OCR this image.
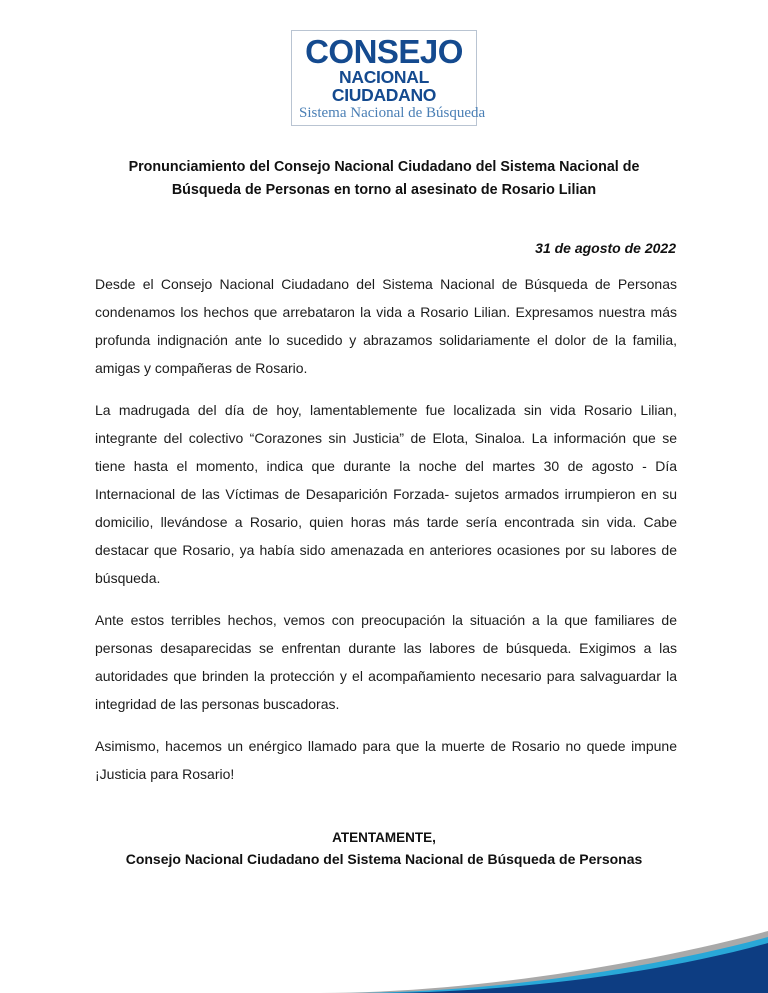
CONSEJO
NACIONAL CIUDADANO
Sistema Nacional de Búsqueda
Pronunciamiento del Consejo Nacional Ciudadano del Sistema Nacional de Búsqueda de Personas en torno al asesinato de Rosario Lilian
31 de agosto de 2022

Desde el Consejo Nacional Ciudadano del Sistema Nacional de Búsqueda de Personas condenamos los hechos que arrebataron la vida a Rosario Lilian. Expresamos nuestra más profunda indignación ante lo sucedido y abrazamos solidariamente el dolor de la familia, amigas y compañeras de Rosario.

La madrugada del día de hoy, lamentablemente fue localizada sin vida Rosario Lilian, integrante del colectivo “Corazones sin Justicia” de Elota, Sinaloa. La información que se tiene hasta el momento, indica que durante la noche del martes 30 de agosto - Día Internacional de las Víctimas de Desaparición Forzada- sujetos armados irrumpieron en su domicilio, llevándose a Rosario, quien horas más tarde sería encontrada sin vida. Cabe destacar que Rosario, ya había sido amenazada en anteriores ocasiones por su labores de búsqueda.

Ante estos terribles hechos, vemos con preocupación la situación a la que familiares de personas desaparecidas se enfrentan durante las labores de búsqueda. Exigimos a las autoridades que brinden la protección y el acompañamiento necesario para salvaguardar la integridad de las personas buscadoras.

Asimismo, hacemos un enérgico llamado para que la muerte de Rosario no quede impune ¡Justicia para Rosario!

ATENTAMENTE,
Consejo Nacional Ciudadano del Sistema Nacional de Búsqueda de Personas
